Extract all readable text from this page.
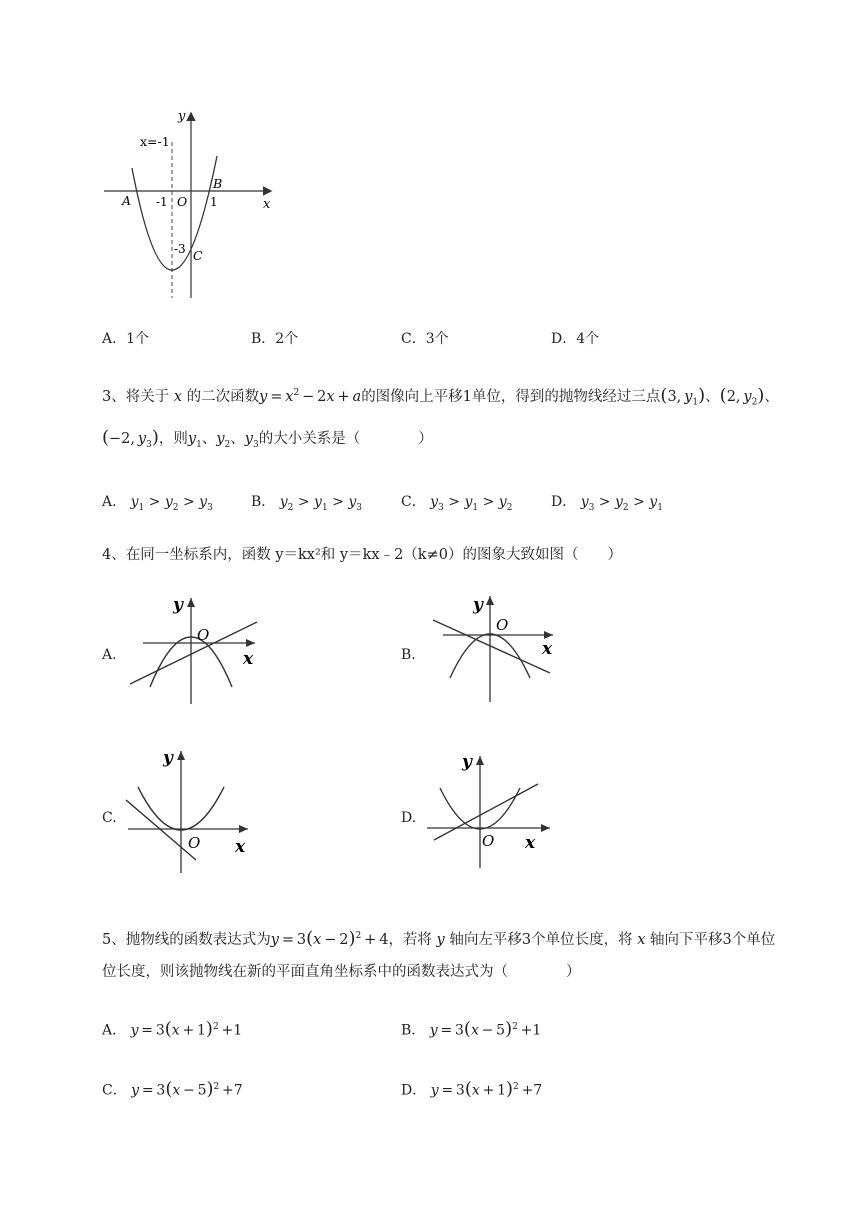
y
x
x=-1
A
B
C
O
-1	1
-3
A．1个	B．2个	C．3个	D．4个
3、将关于 x 的二次函数$y = x^2 - 2x + a$的图像向上平移1单位，得到的抛物线经过三点(3, $y_1$)、(2, $y_2$)、
(−2, $y_3$)，则$y_1$、$y_2$、$y_3$的大小关系是（　　　　）
A． $y_1 > y_2 > y_3$	B． $y_2 > y_1 > y_3$	C． $y_3 > y_1 > y_2$	D． $y_3 > y_2 > y_1$
4、在同一坐标系内，函数 y＝kx²和 y＝kx﹣2（k≠0）的图象大致如图（　　）
A.
y
O
x	B.
y
O
x
C.
y
O x
D.
y
O x
5、抛物线的函数表达式为$y = 3(x - 2)^2 + 4$，若将 y 轴向左平移3个单位长度，将 x 轴向下平移3个单位
位长度，则该抛物线在新的平面直角坐标系中的函数表达式为（　　　　）
A． $y = 3(x + 1)^2 +1$	B． $y = 3(x - 5)^2 +1$
C． $y = 3(x - 5)^2 +7$	D． $y = 3(x + 1)^2 +7$
